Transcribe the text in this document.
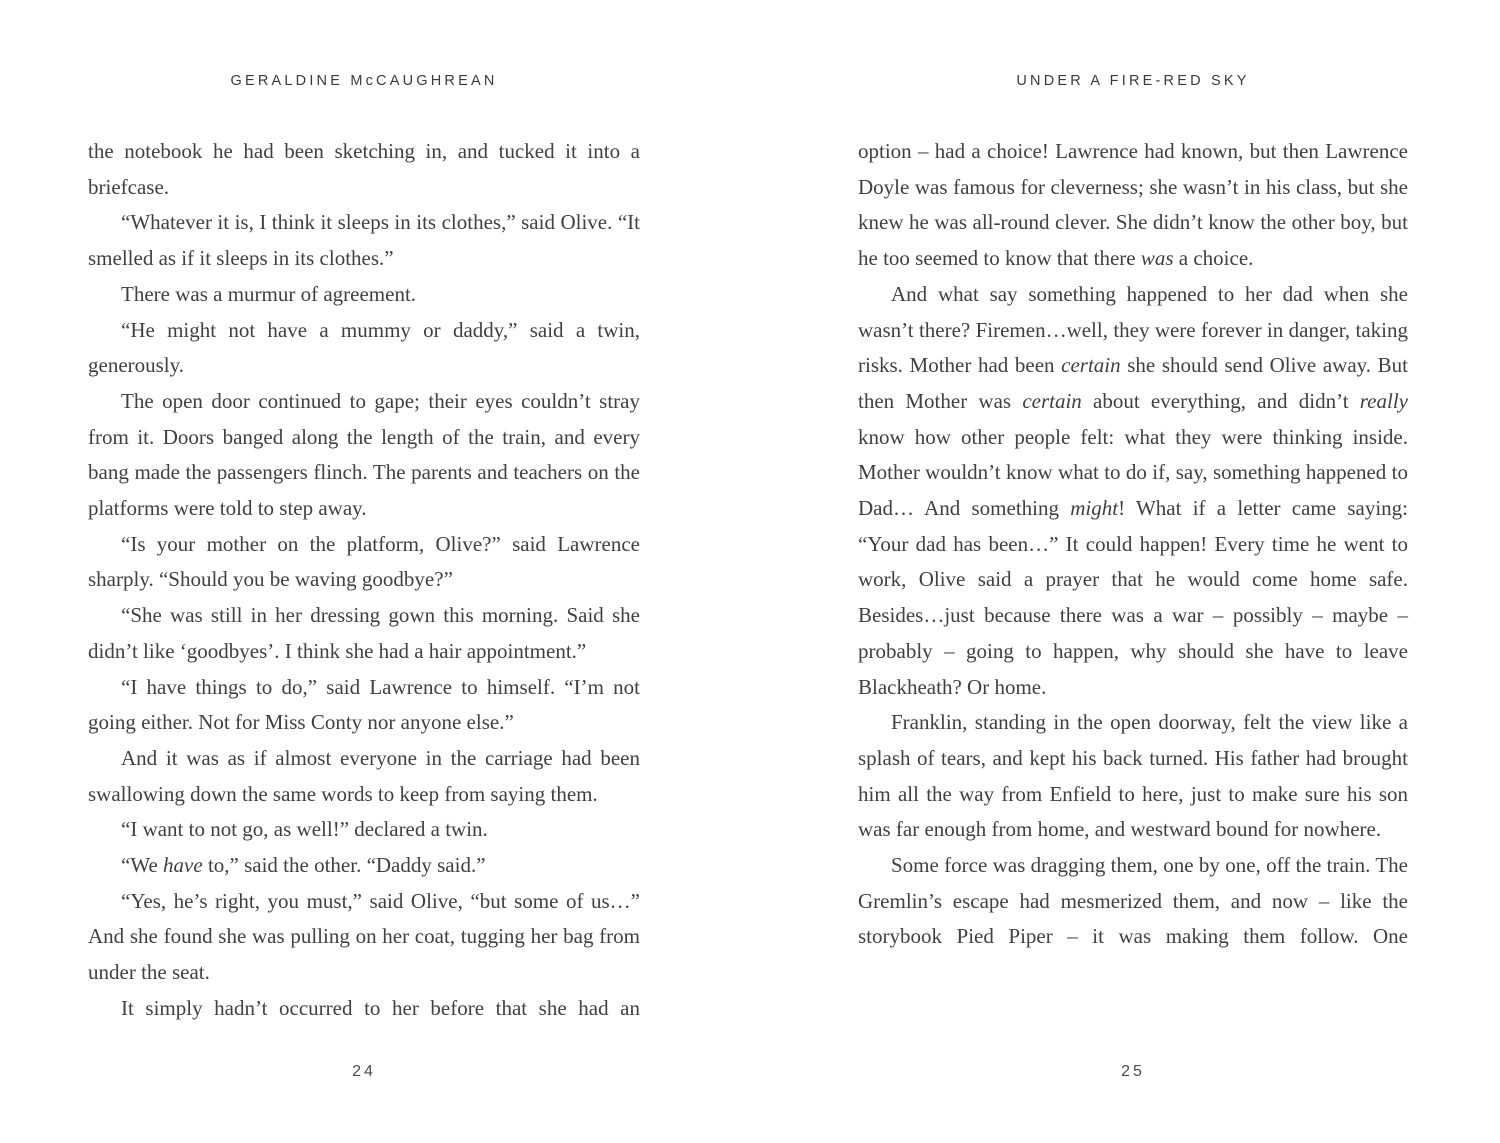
GERALDINE McCAUGHREAN

the notebook he had been sketching in, and tucked it into a briefcase.

“Whatever it is, I think it sleeps in its clothes,” said Olive. “It smelled as if it sleeps in its clothes.”

There was a murmur of agreement.

“He might not have a mummy or daddy,” said a twin, generously.

The open door continued to gape; their eyes couldn’t stray from it. Doors banged along the length of the train, and every bang made the passengers flinch. The parents and teachers on the platforms were told to step away.

“Is your mother on the platform, Olive?” said Lawrence sharply. “Should you be waving goodbye?”

“She was still in her dressing gown this morning. Said she didn’t like ‘goodbyes’. I think she had a hair appointment.”

“I have things to do,” said Lawrence to himself. “I’m not going either. Not for Miss Conty nor anyone else.”

And it was as if almost everyone in the carriage had been swallowing down the same words to keep from saying them.

“I want to not go, as well!” declared a twin.

“We have to,” said the other. “Daddy said.”

“Yes, he’s right, you must,” said Olive, “but some of us…” And she found she was pulling on her coat, tugging her bag from under the seat.

It simply hadn’t occurred to her before that she had an

24
UNDER A FIRE-RED SKY

option – had a choice! Lawrence had known, but then Lawrence Doyle was famous for cleverness; she wasn’t in his class, but she knew he was all-round clever. She didn’t know the other boy, but he too seemed to know that there was a choice.

And what say something happened to her dad when she wasn’t there? Firemen…well, they were forever in danger, taking risks. Mother had been certain she should send Olive away. But then Mother was certain about everything, and didn’t really know how other people felt: what they were thinking inside. Mother wouldn’t know what to do if, say, something happened to Dad… And something might! What if a letter came saying: “Your dad has been…” It could happen! Every time he went to work, Olive said a prayer that he would come home safe. Besides…just because there was a war – possibly – maybe – probably – going to happen, why should she have to leave Blackheath? Or home.

Franklin, standing in the open doorway, felt the view like a splash of tears, and kept his back turned. His father had brought him all the way from Enfield to here, just to make sure his son was far enough from home, and westward bound for nowhere.

Some force was dragging them, one by one, off the train. The Gremlin’s escape had mesmerized them, and now – like the storybook Pied Piper – it was making them follow. One

25
